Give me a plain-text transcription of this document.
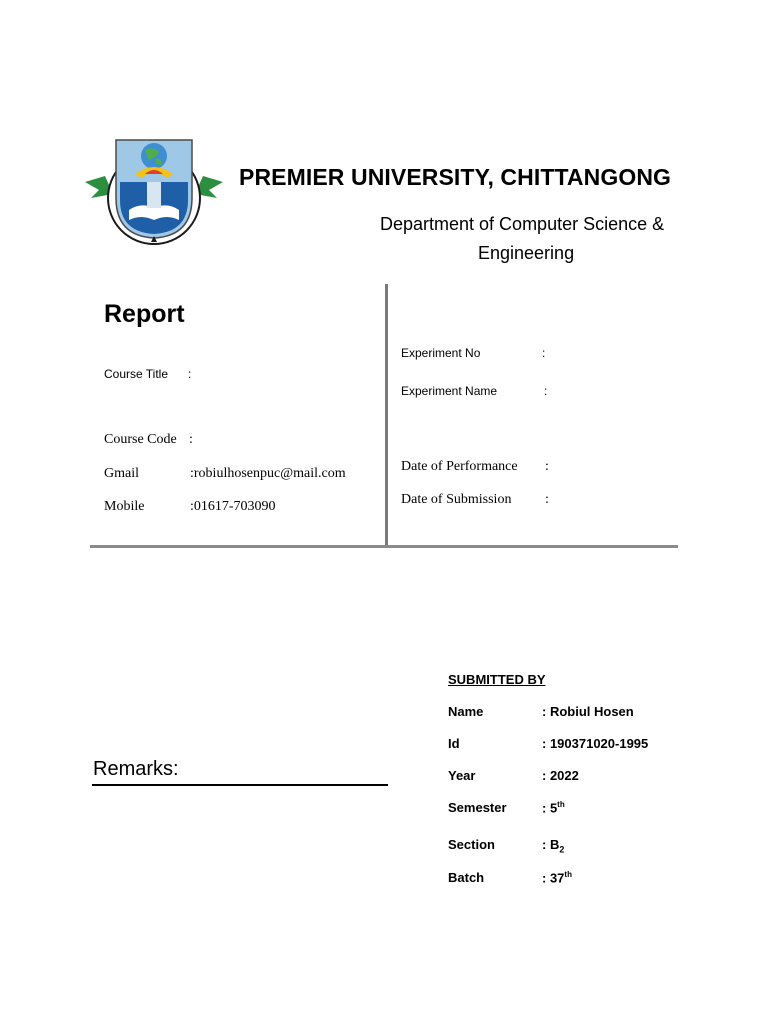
PREMIER UNIVERSITY, CHITTANGONG
Department of Computer Science &
Engineering
Report
Course Title :
Course Code :
Gmail	:robiulhosenpuc@mail.com
Mobile	:01617-703090
Experiment No	:
Experiment Name	:
Date of Performance :
Date of Submission :
SUBMITTED BY
Name	: Robiul Hosen
Id	: 190371020-1995
Year	: 2022
Semester	: 5th
Section	: $B_2$
Batch	: 37th
Remarks:
